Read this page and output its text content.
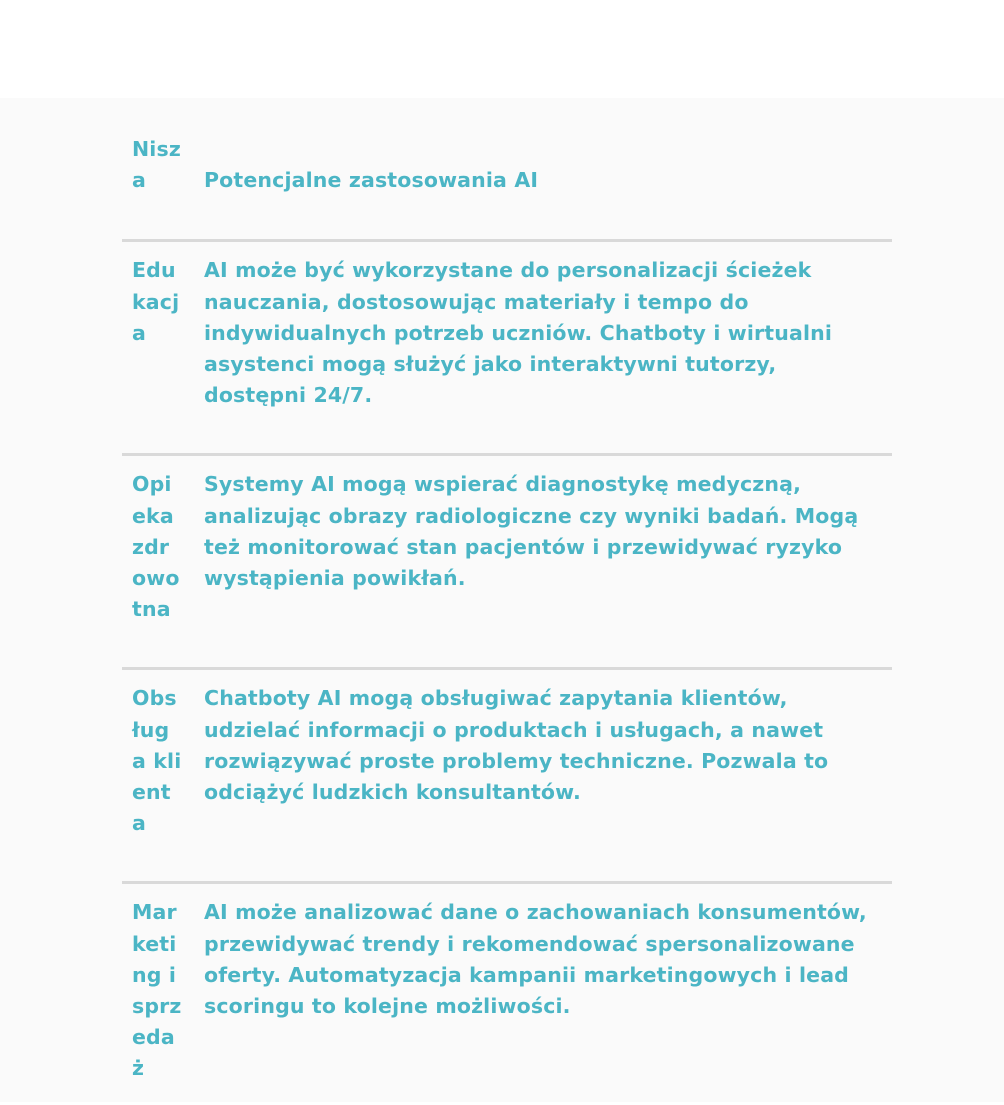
Nisza	Potencjalne zastosowania AI
Edukacja	AI może być wykorzystane do personalizacji ścieżek nauczania, dostosowując materiały i tempo do indywidualnych potrzeb uczniów. Chatboty i wirtualni asystenci mogą służyć jako interaktywni tutorzy, dostępni 24/7.
Opieka zdrowotna	Systemy AI mogą wspierać diagnostykę medyczną, analizując obrazy radiologiczne czy wyniki badań. Mogą też monitorować stan pacjentów i przewidywać ryzyko wystąpienia powikłań.
Obsługa klienta	Chatboty AI mogą obsługiwać zapytania klientów, udzielać informacji o produktach i usługach, a nawet rozwiązywać proste problemy techniczne. Pozwala to odciążyć ludzkich konsultantów.
Marketing i sprzedaż	AI może analizować dane o zachowaniach konsumentów, przewidywać trendy i rekomendować spersonalizowane oferty. Automatyzacja kampanii marketingowych i lead scoringu to kolejne możliwości.
